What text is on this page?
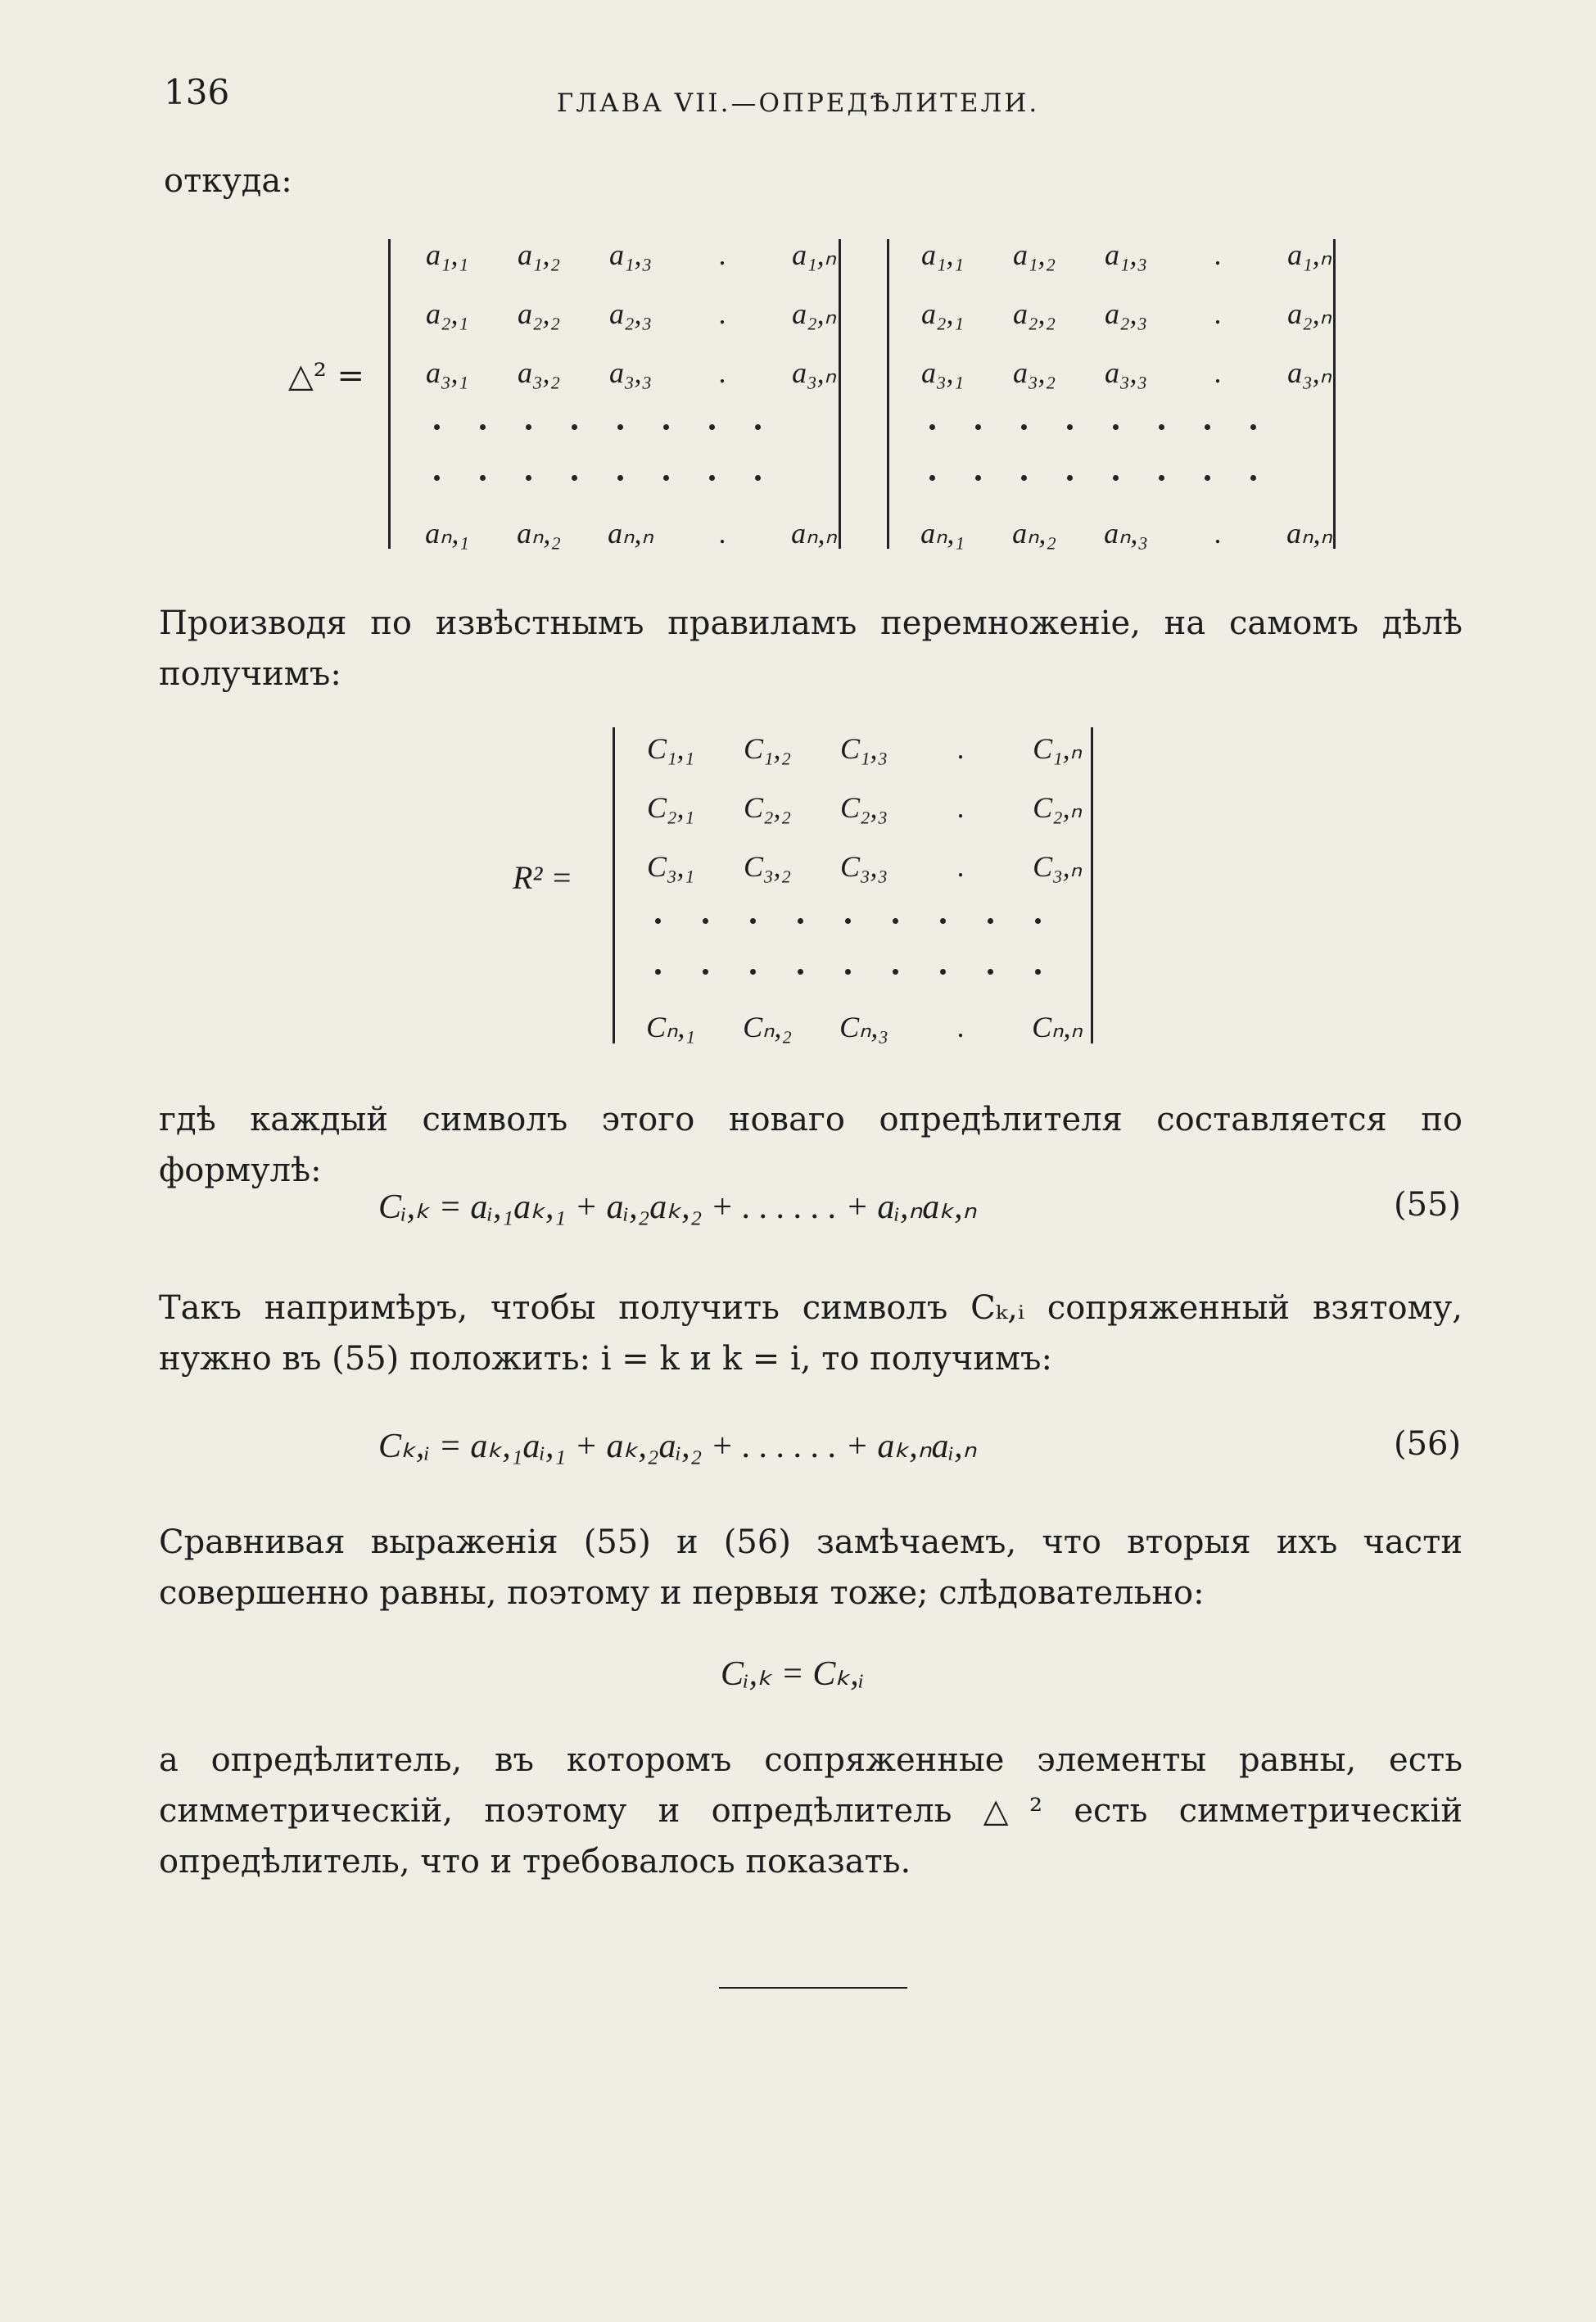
136	ГЛАВА VII.—ОПРЕДѢЛИТЕЛИ.
откуда:
△² =
a₁,₁	a₁,₂	a₁,₃	.	a₁,ₙ
a₂,₁	a₂,₂	a₂,₃	.	a₂,ₙ
a₃,₁	a₃,₂	a₃,₃	.	a₃,ₙ
aₙ,₁	aₙ,₂	aₙ,ₙ	.	aₙ,ₙ
a₁,₁	a₁,₂	a₁,₃	.	a₁,ₙ
a₂,₁	a₂,₂	a₂,₃	.	a₂,ₙ
a₃,₁	a₃,₂	a₃,₃	.	a₃,ₙ
aₙ,₁	aₙ,₂	aₙ,₃	.	aₙ,ₙ
Производя по извѣстнымъ правиламъ перемноженіе, на самомъ дѣлѣ получимъ:
R² =
C₁,₁	C₁,₂	C₁,₃	.	C₁,ₙ
C₂,₁	C₂,₂	C₂,₃	.	C₂,ₙ
C₃,₁	C₃,₂	C₃,₃	.	C₃,ₙ
Cₙ,₁	Cₙ,₂	Cₙ,₃	.	Cₙ,ₙ
гдѣ каждый символъ этого новаго опредѣлителя составляется по формулѣ:
Cᵢ,ₖ = aᵢ,₁aₖ,₁ + aᵢ,₂aₖ,₂ + . . . . . . + aᵢ,ₙaₖ,ₙ	(55)
Такъ напримѣръ, чтобы получить символъ Cₖ,ᵢ сопряженный взятому, нужно въ (55) положить: i = k и k = i, то получимъ:
Cₖ,ᵢ = aₖ,₁aᵢ,₁ + aₖ,₂aᵢ,₂ + . . . . . . + aₖ,ₙaᵢ,ₙ	(56)
Сравнивая выраженія (55) и (56) замѣчаемъ, что вторыя ихъ части совершенно равны, поэтому и первыя тоже; слѣдовательно:
Cᵢ,ₖ = Cₖ,ᵢ
а опредѣлитель, въ которомъ сопряженные элементы равны, есть симметрическій, поэтому и опредѣлитель △² есть симметрическій опредѣлитель, что и требовалось показать.
